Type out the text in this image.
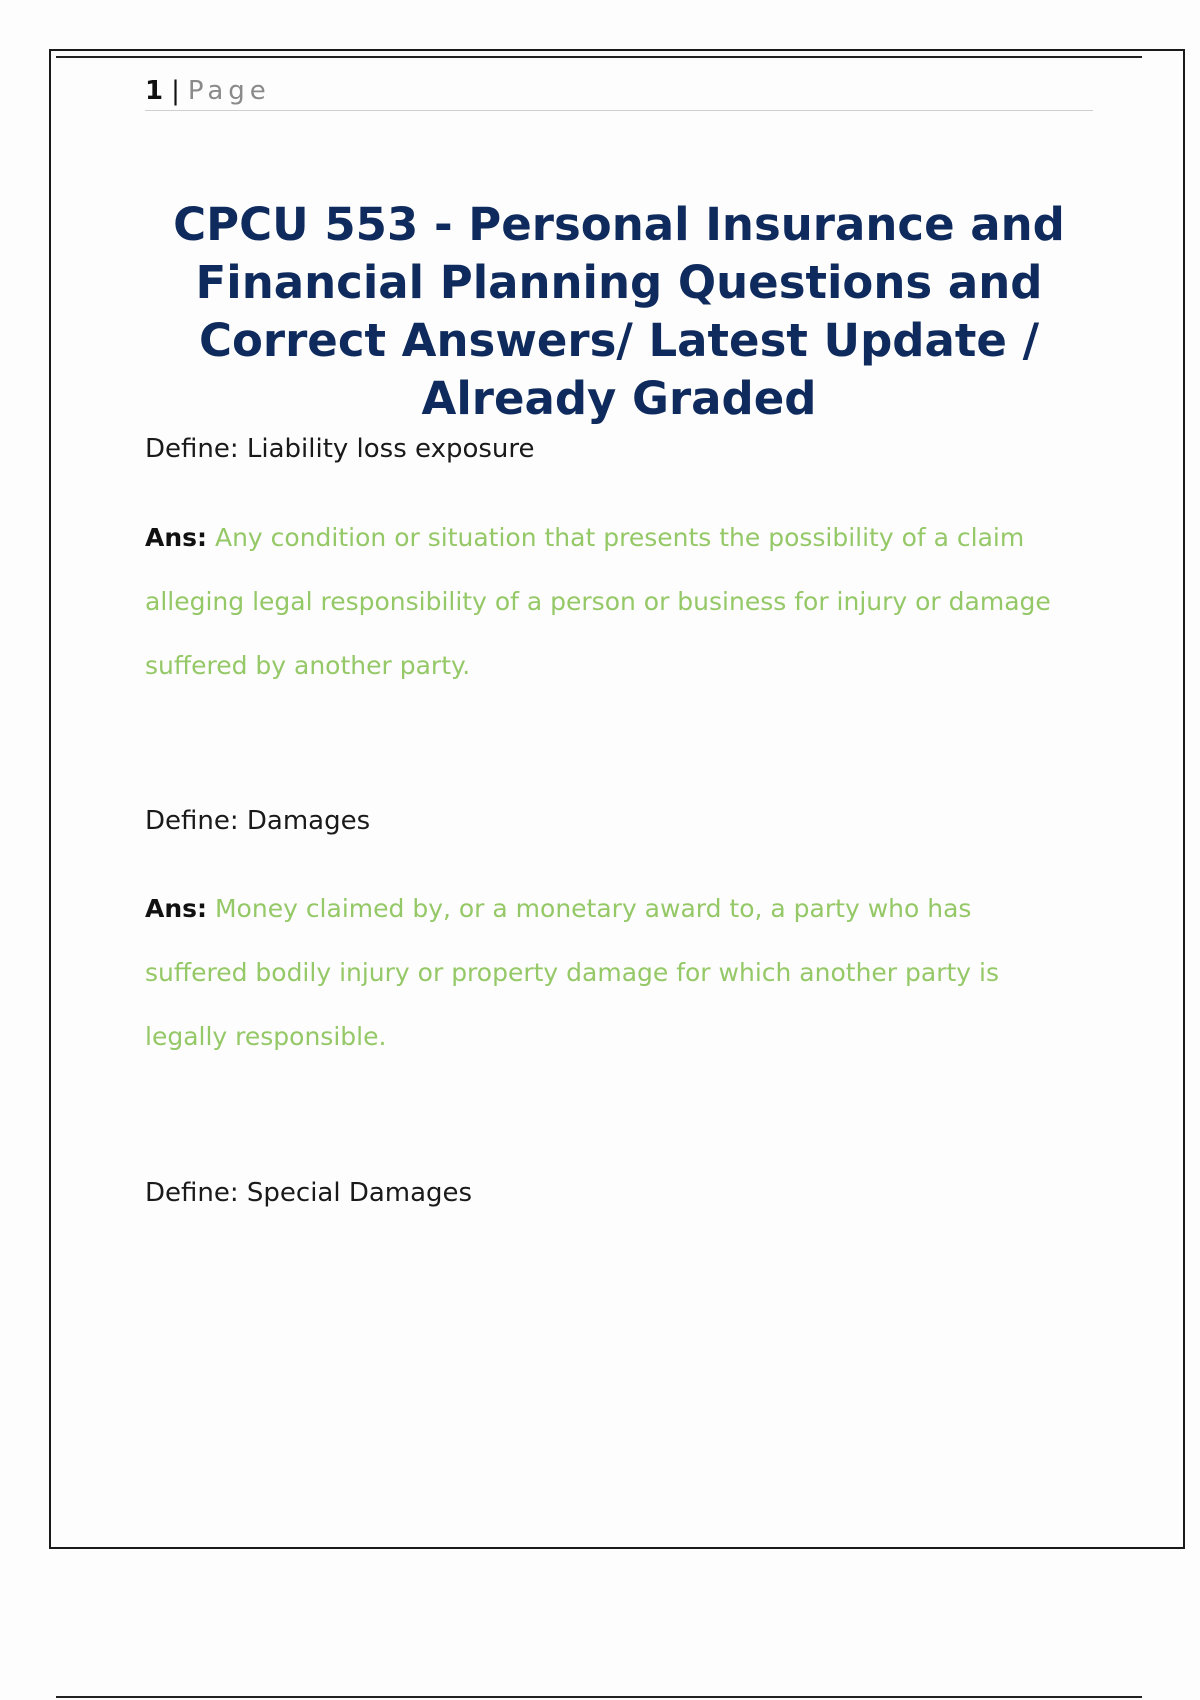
1 | Page
CPCU 553 - Personal Insurance and Financial Planning Questions and Correct Answers/ Latest Update / Already Graded
Define: Liability loss exposure
Ans: Any condition or situation that presents the possibility of a claim alleging legal responsibility of a person or business for injury or damage suffered by another party.
Define: Damages
Ans: Money claimed by, or a monetary award to, a party who has suffered bodily injury or property damage for which another party is legally responsible.
Define: Special Damages
